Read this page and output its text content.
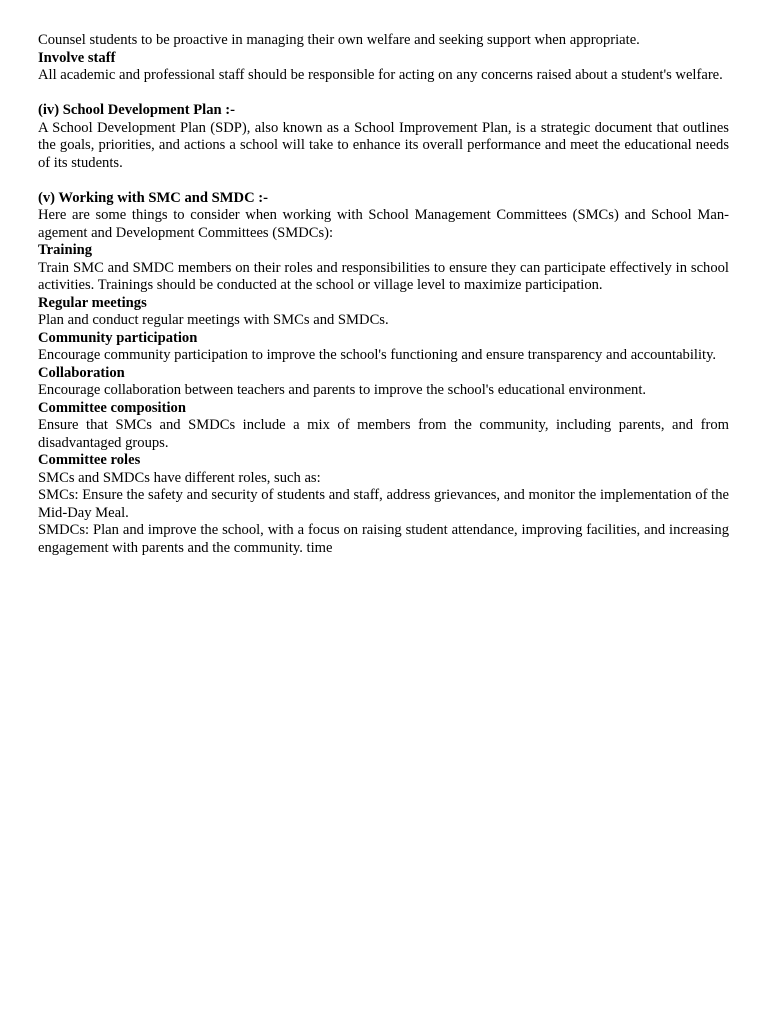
Counsel students to be proactive in managing their own welfare and seeking support when appropriate.

Involve staff

All academic and professional staff should be responsible for acting on any concerns raised about a student's welfare.

(iv) School Development Plan :-

A School Development Plan (SDP), also known as a School Improvement Plan, is a strategic document that outlines the goals, priorities, and actions a school will take to enhance its overall performance and meet the educational needs of its students.

(v) Working with SMC and SMDC :-

Here are some things to consider when working with School Management Committees (SMCs) and School Management and Development Committees (SMDCs):

Training

Train SMC and SMDC members on their roles and responsibilities to ensure they can participate effectively in school activities. Trainings should be conducted at the school or village level to maximize participation.

Regular meetings

Plan and conduct regular meetings with SMCs and SMDCs.

Community participation

Encourage community participation to improve the school's functioning and ensure transparency and accountability.

Collaboration

Encourage collaboration between teachers and parents to improve the school's educational environment.

Committee composition

Ensure that SMCs and SMDCs include a mix of members from the community, including parents, and from disadvantaged groups.

Committee roles

SMCs and SMDCs have different roles, such as:

SMCs: Ensure the safety and security of students and staff, address grievances, and monitor the implementation of the Mid-Day Meal.

SMDCs: Plan and improve the school, with a focus on raising student attendance, improving facilities, and increasing engagement with parents and the community. time
